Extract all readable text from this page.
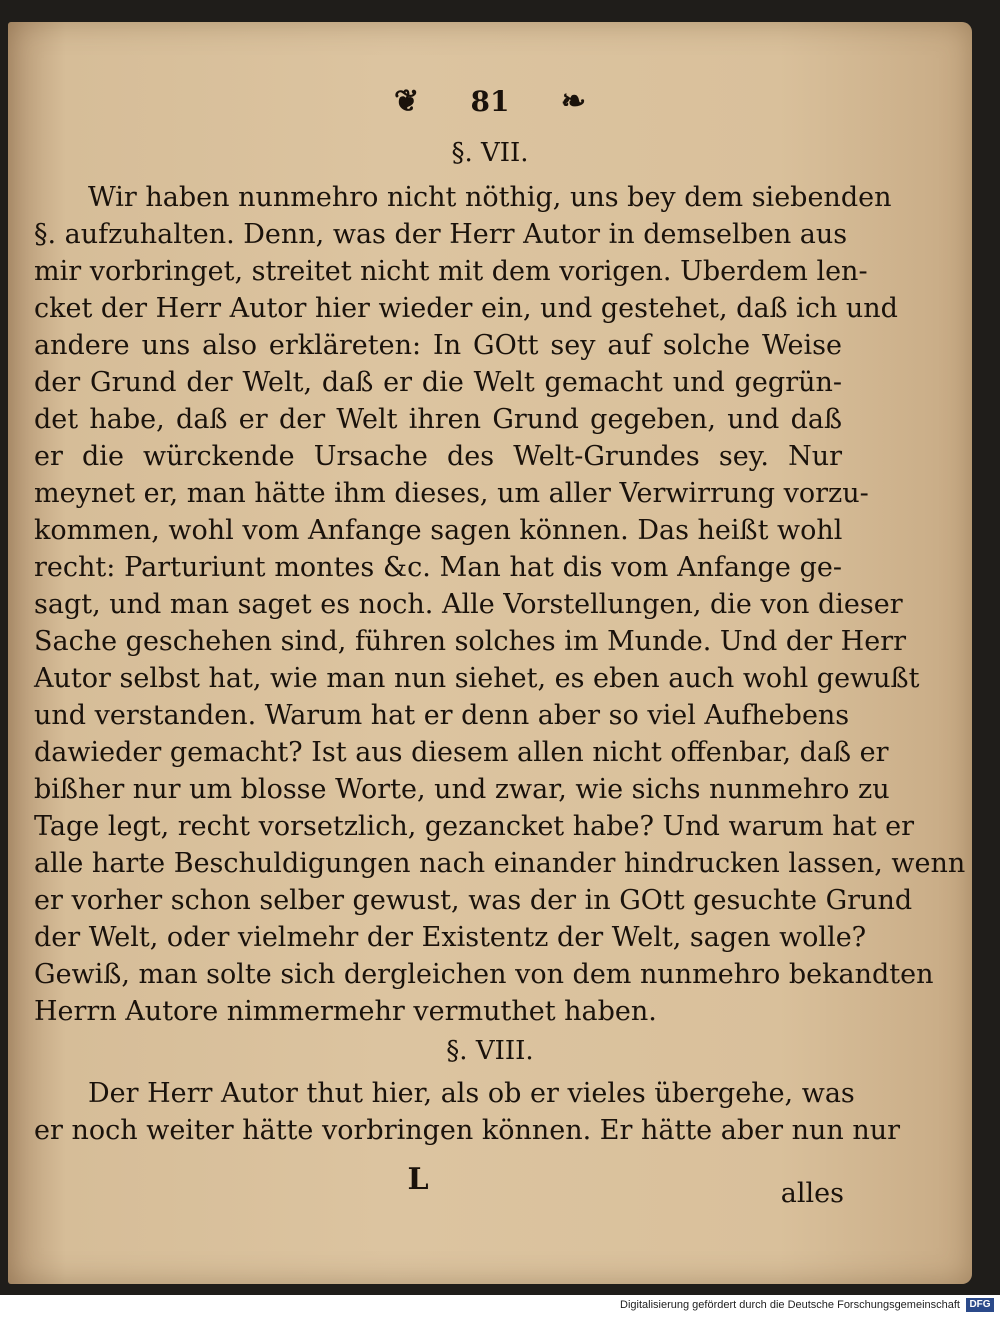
❦ 81 ❧
§. VII.
Wir haben nunmehro nicht nöthig, uns bey dem siebenden
§. aufzuhalten. Denn, was der Herr Autor in demselben aus
mir vorbringet, streitet nicht mit dem vorigen. Uberdem len-
cket der Herr Autor hier wieder ein, und gestehet, daß ich und
andere uns also erkläreten: In GOtt sey auf solche Weise
der Grund der Welt, daß er die Welt gemacht und gegrün-
det habe, daß er der Welt ihren Grund gegeben, und daß
er die würckende Ursache des Welt-Grundes sey. Nur
meynet er, man hätte ihm dieses, um aller Verwirrung vorzu-
kommen, wohl vom Anfange sagen können. Das heißt wohl
recht: Parturiunt montes &c. Man hat dis vom Anfange ge-
sagt, und man saget es noch. Alle Vorstellungen, die von dieser
Sache geschehen sind, führen solches im Munde. Und der Herr
Autor selbst hat, wie man nun siehet, es eben auch wohl gewußt
und verstanden. Warum hat er denn aber so viel Aufhebens
dawieder gemacht? Ist aus diesem allen nicht offenbar, daß er
bißher nur um blosse Worte, und zwar, wie sichs nunmehro zu
Tage legt, recht vorsetzlich, gezancket habe? Und warum hat er
alle harte Beschuldigungen nach einander hindrucken lassen, wenn
er vorher schon selber gewust, was der in GOtt gesuchte Grund
der Welt, oder vielmehr der Existentz der Welt, sagen wolle?
Gewiß, man solte sich dergleichen von dem nunmehro bekandten
Herrn Autore nimmermehr vermuthet haben.
§. VIII.
Der Herr Autor thut hier, als ob er vieles übergehe, was
er noch weiter hätte vorbringen können. Er hätte aber nun nur
L	alles
Digitalisierung gefördert durch die Deutsche Forschungsgemeinschaft DFG
